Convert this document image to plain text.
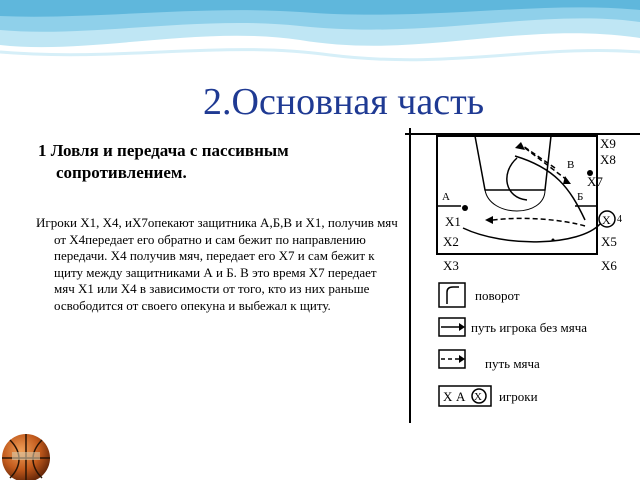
2.Основная часть
1 Ловля и передача с пассивным сопротивлением.
Игроки Х1, Х4, иХ7опекают защитника А,Б,В и Х1, получив мяч от Х4передает его обратно и сам бежит по направлению передачи. Х4 получив мяч, передает его Х7 и сам бежит к щиту между защитниками А и Б. В это время Х7 передает мяч Х1 или Х4 в зависимости от того, кто из них раньше освободится от своего опекуна и выбежал к щиту.
А
В
Б
X9
X8
X7
X1	X 4
X2	X5
X3	X6
поворот
путь игрока без мяча
путь мяча
X А X игроки
